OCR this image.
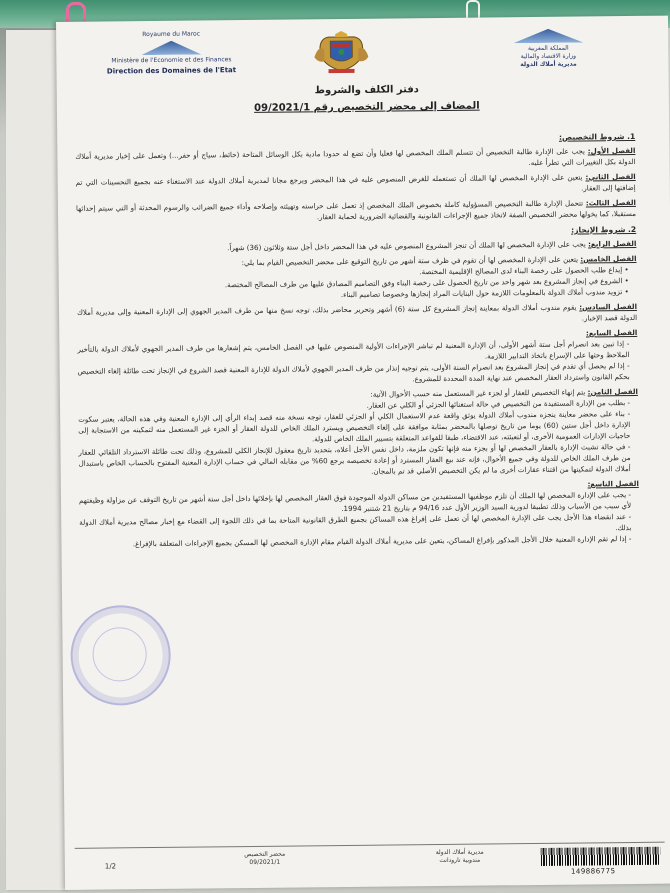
Royaume du Maroc
Ministère de l'Economie et des Finances
Direction des Domaines de l'Etat
المملكة المغربية
وزارة الاقتصاد والمالية
مديرية أملاك الدولة
دفتر الكلف والشروط
المضاف إلى محضر التخصيص رقم 09/2021/1
1. شروط التخصيص:
الفصل الأول: يجب على الإدارة طالبة التخصيص أن تتسلم الملك المخصص لها فعليا وأن تضع له حدودا مادية بكل الوسائل المتاحة (حائط، سياج أو حفر...) وتعمل على إخبار مديرية أملاك الدولة بكل التغييرات التي تطرأ عليه.
الفصل الثاني: يتعين على الإدارة المخصص لها الملك أن تستعمله للغرض المنصوص عليه في هذا المحضر ويرجع مجانا لمديرية أملاك الدولة عند الاستغناء عنه بجميع التحسينات التي تم إضافتها إلى العقار.
الفصل الثالث: تتحمل الإدارة طالبة التخصيص المسؤولية كاملة بخصوص الملك المخصص إذ تعمل على حراسته وتهيئته وإصلاحه وأداء جميع الضرائب والرسوم المحدثة أو التي سيتم إحداثها مستقبلا، كما يخولها محضر التخصيص الصفة لاتخاذ جميع الإجراءات القانونية والقضائية الضرورية لحماية العقار.
2. شروط الإنجاز:
الفصل الرابع: يجب على الإدارة المخصص لها الملك أن تنجز المشروع المنصوص عليه في هذا المحضر داخل أجل ستة وثلاثون (36) شهراً.
الفصل الخامس: يتعين على الإدارة المخصص لها أن تقوم في ظرف ستة أشهر من تاريخ التوقيع على محضر التخصيص القيام بما يلي:
• إيداع طلب الحصول على رخصة البناء لدى المصالح الإقليمية المختصة.
• الشروع في إنجاز المشروع بعد شهر واحد من تاريخ الحصول على رخصة البناء وفق التصاميم المصادق عليها من طرف المصالح المختصة.
• تزويد مندوب أملاك الدولة بالمعلومات اللازمة حول البنايات المراد إنجازها وخصوصا تصاميم البناء.
الفصل السادس: يقوم مندوب أملاك الدولة بمعاينة إنجاز المشروع كل ستة (6) أشهر وتحرير محاضر بذلك، توجه نسخ منها من طرف المدير الجهوي إلى الإدارة المعنية وإلى مديرية أملاك الدولة قصد الإخبار.
الفصل السابع:
- إذا تبين بعد انصرام أجل ستة أشهر الأولى، أن الإدارة المعنية لم تباشر الإجراءات الأولية المنصوص عليها في الفصل الخامس، يتم إشعارها من طرف المدير الجهوي لأملاك الدولة بالتأخير الملاحظ وحثها على الإسراع باتخاذ التدابير اللازمة.
- إذا لم يحصل أي تقدم في إنجاز المشروع بعد انصرام السنة الأولى، يتم توجيه إنذار من طرف المدير الجهوي لأملاك الدولة للإدارة المعنية قصد الشروع في الإنجاز تحت طائلة إلغاء التخصيص بحكم القانون واسترداد العقار المخصص عند نهاية المدة المحددة للمشروع.
الفصل الثامن: يتم إنهاء التخصيص للعقار أو لجزء غير المستعمل منه حسب الأحوال الآتية:
- بطلب من الإدارة المستفيدة من التخصيص في حالة استغنائها الجزئي أو الكلي عن العقار.
- بناء على محضر معاينة ينجزه مندوب أملاك الدولة يوثق واقعة عدم الاستعمال الكلي أو الجزئي للعقار، توجه نسخة منه قصد إبداء الرأي إلى الإدارة المعنية وفي هذه الحالة، يعتبر سكوت الإدارة داخل أجل ستين (60) يوما من تاريخ توصلها بالمحضر بمثابة موافقة على إلغاء التخصيص ويسترد الملك الخاص للدولة العقار أو الجزء غير المستعمل منه لتمكينه من الاستجابة إلى حاجيات الإدارات العمومية الأخرى، أو لتعبئته، عند الاقتضاء، طبقا للقواعد المتعلقة بتسيير الملك الخاص للدولة.
- في حالة تشبث الإدارة بالعقار المخصص لها أو بجزء منه فإنها تكون ملزمة، داخل نفس الأجل أعلاه، بتحديد تاريخ معقول للإنجاز الكلي للمشروع، وذلك تحت طائلة الاسترداد التلقائي للعقار من طرف الملك الخاص للدولة وفي جميع الأحوال، فإنه عند بيع العقار المسترد أو إعادة تخصيصه يرجع 60% من مقابله المالي في حساب الإدارة المعنية المفتوح بالحساب الخاص باستبدال أملاك الدولة لتمكينها من اقتناء عقارات أخرى ما لم يكن التخصيص الأصلي قد تم بالمجان.
الفصل التاسع:
- يجب على الإدارة المخصص لها الملك أن تلزم موظفيها المستفيدين من مساكن الدولة الموجودة فوق العقار المخصص لها بإخلائها داخل أجل ستة أشهر من تاريخ التوقف عن مزاولة وظيفتهم لأي سبب من الأسباب وذلك تطبيقا لدورية السيد الوزير الأول عدد 94/16 م بتاريخ 21 شتنبر 1994.
- عند انقضاء هذا الأجل يجب على الإدارة المخصص لها أن تعمل على إفراغ هذه المساكن بجميع الطرق القانونية المتاحة بما في ذلك اللجوء إلى القضاء مع إخبار مصالح مديرية أملاك الدولة بذلك.
- إذا لم تقم الإدارة المعنية خلال الأجل المذكور بإفراغ المساكن، يتعين على مديرية أملاك الدولة القيام مقام الإدارة المخصص لها المسكن بجميع الإجراءات المتعلقة بالإفراغ.
1/2
محضر التخصيص
09/2021/1
مديرية أملاك الدولة
مندوبية تارودانت
149886775
